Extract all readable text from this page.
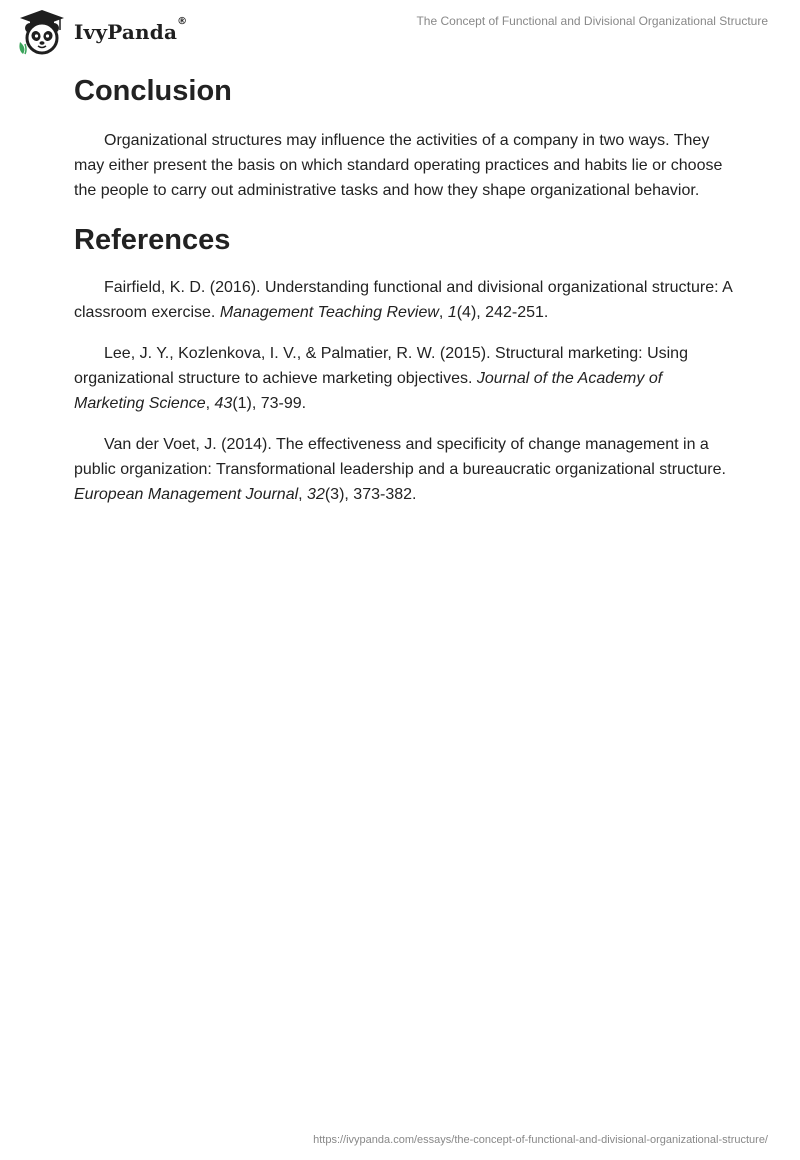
IvyPanda®	The Concept of Functional and Divisional Organizational Structure
Conclusion

Organizational structures may influence the activities of a company in two ways. They may either present the basis on which standard operating practices and habits lie or choose the people to carry out administrative tasks and how they shape organizational behavior.

References

Fairfield, K. D. (2016). Understanding functional and divisional organizational structure: A classroom exercise. Management Teaching Review, 1(4), 242-251.

Lee, J. Y., Kozlenkova, I. V., & Palmatier, R. W. (2015). Structural marketing: Using organizational structure to achieve marketing objectives. Journal of the Academy of Marketing Science, 43(1), 73-99.

Van der Voet, J. (2014). The effectiveness and specificity of change management in a public organization: Transformational leadership and a bureaucratic organizational structure. European Management Journal, 32(3), 373-382.

https://ivypanda.com/essays/the-concept-of-functional-and-divisional-organizational-structure/
